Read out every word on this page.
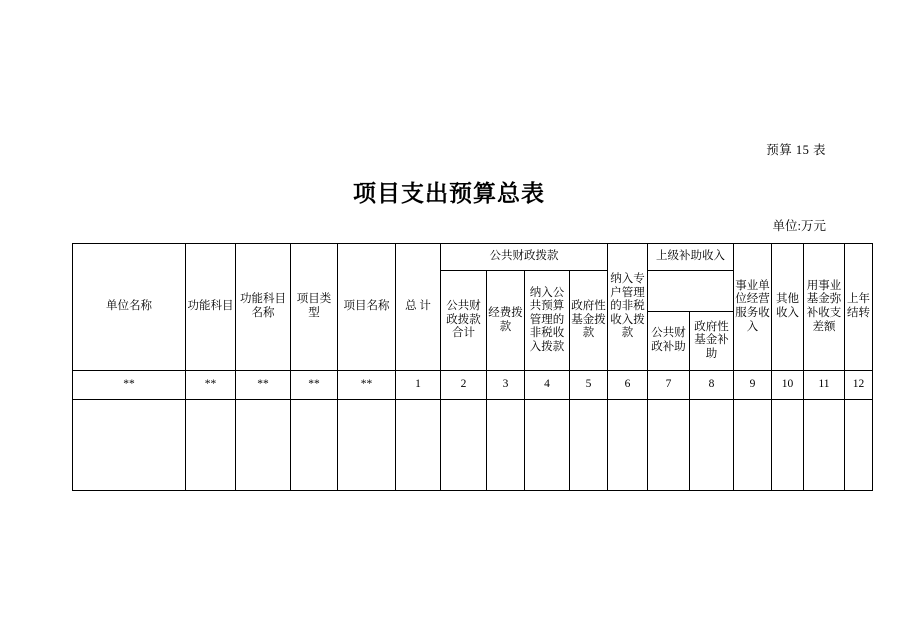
预算 15 表
项目支出预算总表
单位:万元
单位名称	功能科目	功能科目名称	项目类型	项目名称	总 计	公共财政拨款				纳入专户管理的非税收入拨款	上级补助收入		事业单位经营服务收入	其他收入	用事业基金弥补收支差额	上年结转
						公共财政拨款合计	经费拨款	纳入公共预算管理的非税收入拨款	政府性基金拨款							
											公共财政补助	政府性基金补助				
**	**	**	**	**	1	2	3	4	5	6	7	8	9	10	11	12
